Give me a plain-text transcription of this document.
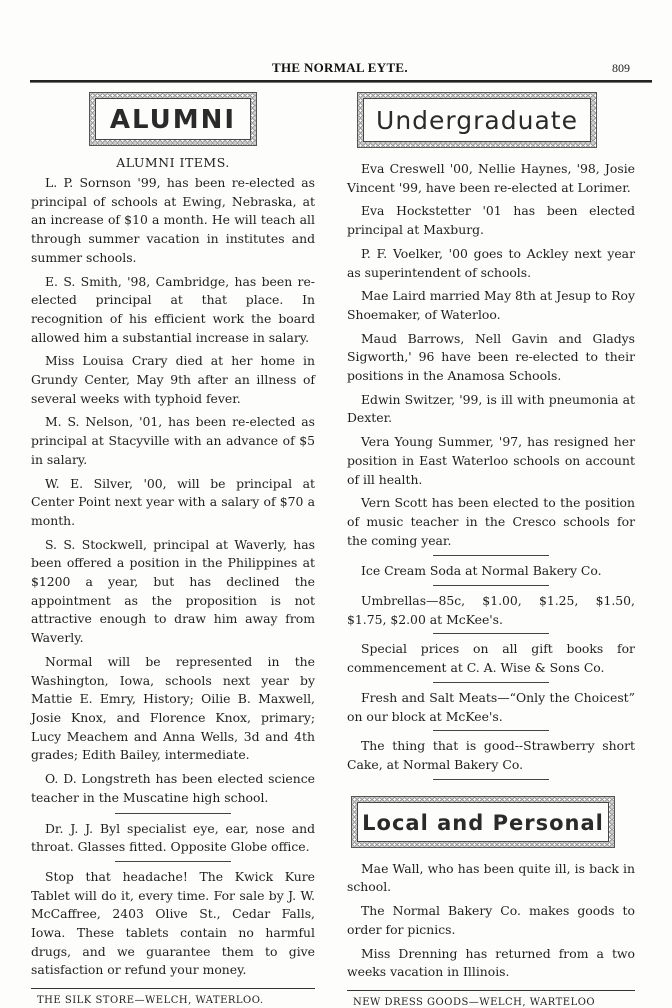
THE NORMAL EYTE.	809
ALUMNI
ALUMNI ITEMS.

L. P. Sornson '99, has been re-elected as principal of schools at Ewing, Nebraska, at an increase of $10 a month. He will teach all through summer vacation in institutes and summer schools.

E. S. Smith, '98, Cambridge, has been re-elected principal at that place. In recognition of his efficient work the board allowed him a substantial increase in salary.

Miss Louisa Crary died at her home in Grundy Center, May 9th after an illness of several weeks with typhoid fever.

M. S. Nelson, '01, has been re-elected as principal at Stacyville with an advance of $5 in salary.

W. E. Silver, '00, will be principal at Center Point next year with a salary of $70 a month.

S. S. Stockwell, principal at Waverly, has been offered a position in the Philippines at $1200 a year, but has declined the appointment as the proposition is not attractive enough to draw him away from Waverly.

Normal will be represented in the Washington, Iowa, schools next year by Mattie E. Emry, History; Oilie B. Maxwell, Josie Knox, and Florence Knox, primary; Lucy Meachem and Anna Wells, 3d and 4th grades; Edith Bailey, intermediate.

O. D. Longstreth has been elected science teacher in the Muscatine high school.

Dr. J. J. Byl specialist eye, ear, nose and throat. Glasses fitted. Opposite Globe office.

Stop that headache! The Kwick Kure Tablet will do it, every time. For sale by J. W. McCaffree, 2403 Olive St., Cedar Falls, Iowa. These tablets contain no harmful drugs, and we guarantee them to give satisfaction or refund your money.

THE SILK STORE—WELCH, WATERLOO.
Undergraduate

Eva Creswell '00, Nellie Haynes, '98, Josie Vincent '99, have been re-elected at Lorimer.

Eva Hockstetter '01 has been elected principal at Maxburg.

P. F. Voelker, '00 goes to Ackley next year as superintendent of schools.

Mae Laird married May 8th at Jesup to Roy Shoemaker, of Waterloo.

Maud Barrows, Nell Gavin and Gladys Sigworth,' 96 have been re-elected to their positions in the Anamosa Schools.

Edwin Switzer, '99, is ill with pneumonia at Dexter.

Vera Young Summer, '97, has resigned her position in East Waterloo schools on account of ill health.

Vern Scott has been elected to the position of music teacher in the Cresco schools for the coming year.

Ice Cream Soda at Normal Bakery Co.

Umbrellas—85c, $1.00, $1.25, $1.50, $1.75, $2.00 at McKee's.

Special prices on all gift books for commencement at C. A. Wise & Sons Co.

Fresh and Salt Meats—“Only the Choicest” on our block at McKee's.

The thing that is good--Strawberry short Cake, at Normal Bakery Co.

Local and Personal

Mae Wall, who has been quite ill, is back in school.

The Normal Bakery Co. makes goods to order for picnics.

Miss Drenning has returned from a two weeks vacation in Illinois.

NEW DRESS GOODS—WELCH, WARTELOO
